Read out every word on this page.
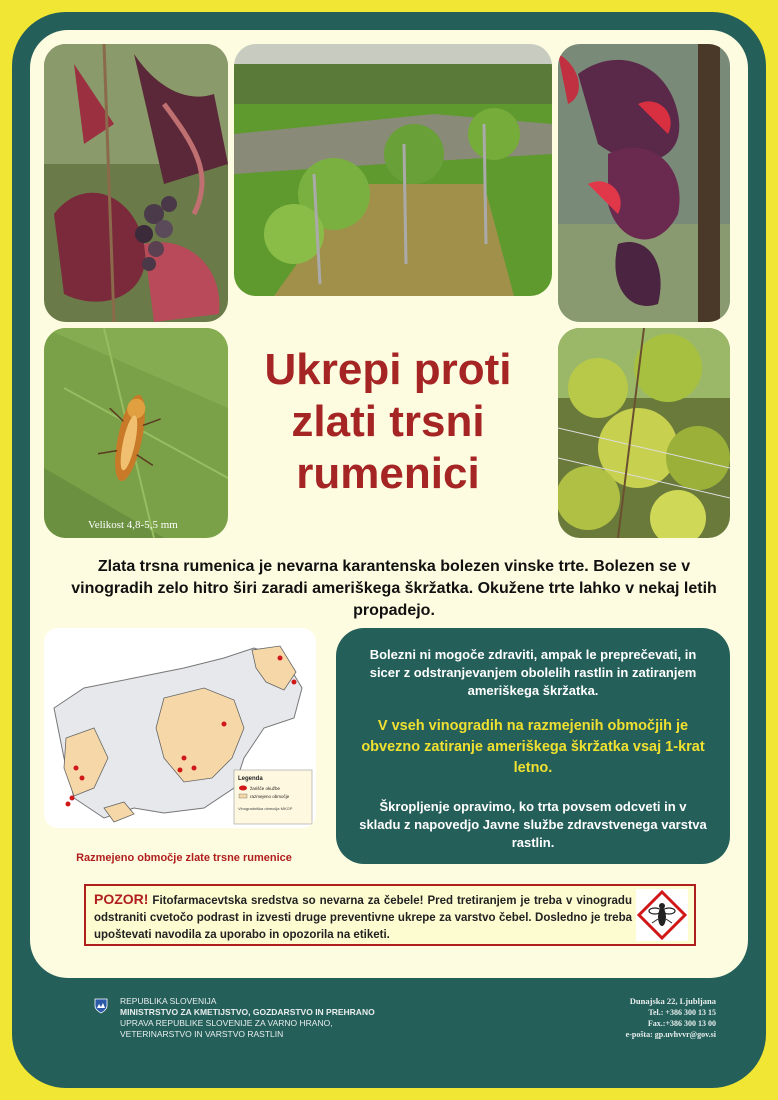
Velikost 4,8-5,5 mm
Ukrepi proti
zlati trsni
rumenici

Zlata trsna rumenica je nevarna karantenska bolezen vinske trte. Bolezen se v vinogradih zelo hitro širi zaradi ameriškega škržatka. Okužene trte lahko v nekaj letih propadejo.

Legenda
žarišče okužbe
razmejeno območje
Vinogradniška območja MKGP
Razmejeno območje zlate trsne rumenice

Bolezni ni mogoče zdraviti, ampak le preprečevati, in sicer z odstranjevanjem obolelih rastlin in zatiranjem ameriškega škržatka.

V vseh vinogradih na razmejenih območjih je obvezno zatiranje ameriškega škržatka vsaj 1-krat letno.

Škropljenje opravimo, ko trta povsem odcveti in v skladu z napovedjo Javne službe zdravstvenega varstva rastlin.

POZOR! Fitofarmacevtska sredstva so nevarna za čebele! Pred tretiranjem je treba v vinogradu odstraniti cvetočo podrast in izvesti druge preventivne ukrepe za varstvo čebel. Dosledno je treba upoštevati navodila za uporabo in opozorila na etiketi.
REPUBLIKA SLOVENIJA
MINISTRSTVO ZA KMETIJSTVO, GOZDARSTVO IN PREHRANO
UPRAVA REPUBLIKE SLOVENIJE ZA VARNO HRANO,
VETERINARSTVO IN VARSTVO RASTLIN
Dunajska 22, Ljubljana
Tel.: +386 300 13 15
Fax.:+386 300 13 00
e-pošta: gp.uvhvvr@gov.si
